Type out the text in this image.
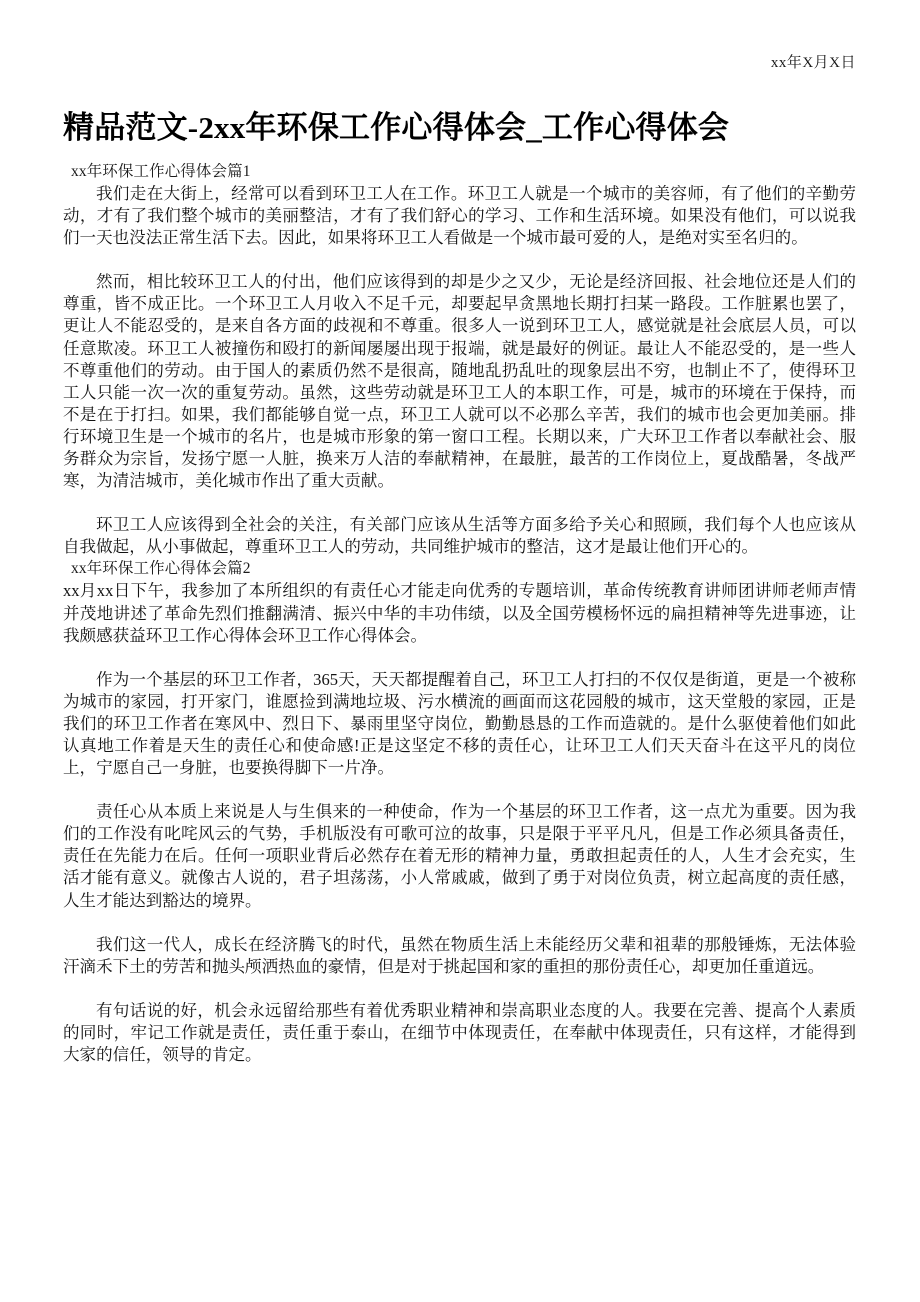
xx年X月X日
精品范文-2xx年环保工作心得体会_工作心得体会

xx年环保工作心得体会篇1

我们走在大街上，经常可以看到环卫工人在工作。环卫工人就是一个城市的美容师，有了他们的辛勤劳动，才有了我们整个城市的美丽整洁，才有了我们舒心的学习、工作和生活环境。如果没有他们，可以说我们一天也没法正常生活下去。因此，如果将环卫工人看做是一个城市最可爱的人，是绝对实至名归的。

然而，相比较环卫工人的付出，他们应该得到的却是少之又少，无论是经济回报、社会地位还是人们的尊重，皆不成正比。一个环卫工人月收入不足千元，却要起早贪黑地长期打扫某一路段。工作脏累也罢了，更让人不能忍受的，是来自各方面的歧视和不尊重。很多人一说到环卫工人，感觉就是社会底层人员，可以任意欺凌。环卫工人被撞伤和殴打的新闻屡屡出现于报端，就是最好的例证。最让人不能忍受的，是一些人不尊重他们的劳动。由于国人的素质仍然不是很高，随地乱扔乱吐的现象层出不穷，也制止不了，使得环卫工人只能一次一次的重复劳动。虽然，这些劳动就是环卫工人的本职工作，可是，城市的环境在于保持，而不是在于打扫。如果，我们都能够自觉一点，环卫工人就可以不必那么辛苦，我们的城市也会更加美丽。排行环境卫生是一个城市的名片，也是城市形象的第一窗口工程。长期以来，广大环卫工作者以奉献社会、服务群众为宗旨，发扬宁愿一人脏，换来万人洁的奉献精神，在最脏，最苦的工作岗位上，夏战酷暑，冬战严寒，为清洁城市，美化城市作出了重大贡献。

环卫工人应该得到全社会的关注，有关部门应该从生活等方面多给予关心和照顾，我们每个人也应该从自我做起，从小事做起，尊重环卫工人的劳动，共同维护城市的整洁，这才是最让他们开心的。

xx年环保工作心得体会篇2

xx月xx日下午，我参加了本所组织的有责任心才能走向优秀的专题培训，革命传统教育讲师团讲师老师声情并茂地讲述了革命先烈们推翻满清、振兴中华的丰功伟绩，以及全国劳模杨怀远的扁担精神等先进事迹，让我颇感获益环卫工作心得体会环卫工作心得体会。

作为一个基层的环卫工作者，365天，天天都提醒着自己，环卫工人打扫的不仅仅是街道，更是一个被称为城市的家园，打开家门，谁愿捡到满地垃圾、污水横流的画面而这花园般的城市，这天堂般的家园，正是我们的环卫工作者在寒风中、烈日下、暴雨里坚守岗位，勤勤恳恳的工作而造就的。是什么驱使着他们如此认真地工作着是天生的责任心和使命感!正是这坚定不移的责任心，让环卫工人们天天奋斗在这平凡的岗位上，宁愿自己一身脏，也要换得脚下一片净。

责任心从本质上来说是人与生俱来的一种使命，作为一个基层的环卫工作者，这一点尤为重要。因为我们的工作没有叱咤风云的气势，手机版没有可歌可泣的故事，只是限于平平凡凡，但是工作必须具备责任，责任在先能力在后。任何一项职业背后必然存在着无形的精神力量，勇敢担起责任的人，人生才会充实，生活才能有意义。就像古人说的，君子坦荡荡，小人常戚戚，做到了勇于对岗位负责，树立起高度的责任感，人生才能达到豁达的境界。

我们这一代人，成长在经济腾飞的时代，虽然在物质生活上未能经历父辈和祖辈的那般锤炼，无法体验汗滴禾下土的劳苦和抛头颅洒热血的豪情，但是对于挑起国和家的重担的那份责任心，却更加任重道远。

有句话说的好，机会永远留给那些有着优秀职业精神和崇高职业态度的人。我要在完善、提高个人素质的同时，牢记工作就是责任，责任重于泰山，在细节中体现责任，在奉献中体现责任，只有这样，才能得到大家的信任，领导的肯定。
